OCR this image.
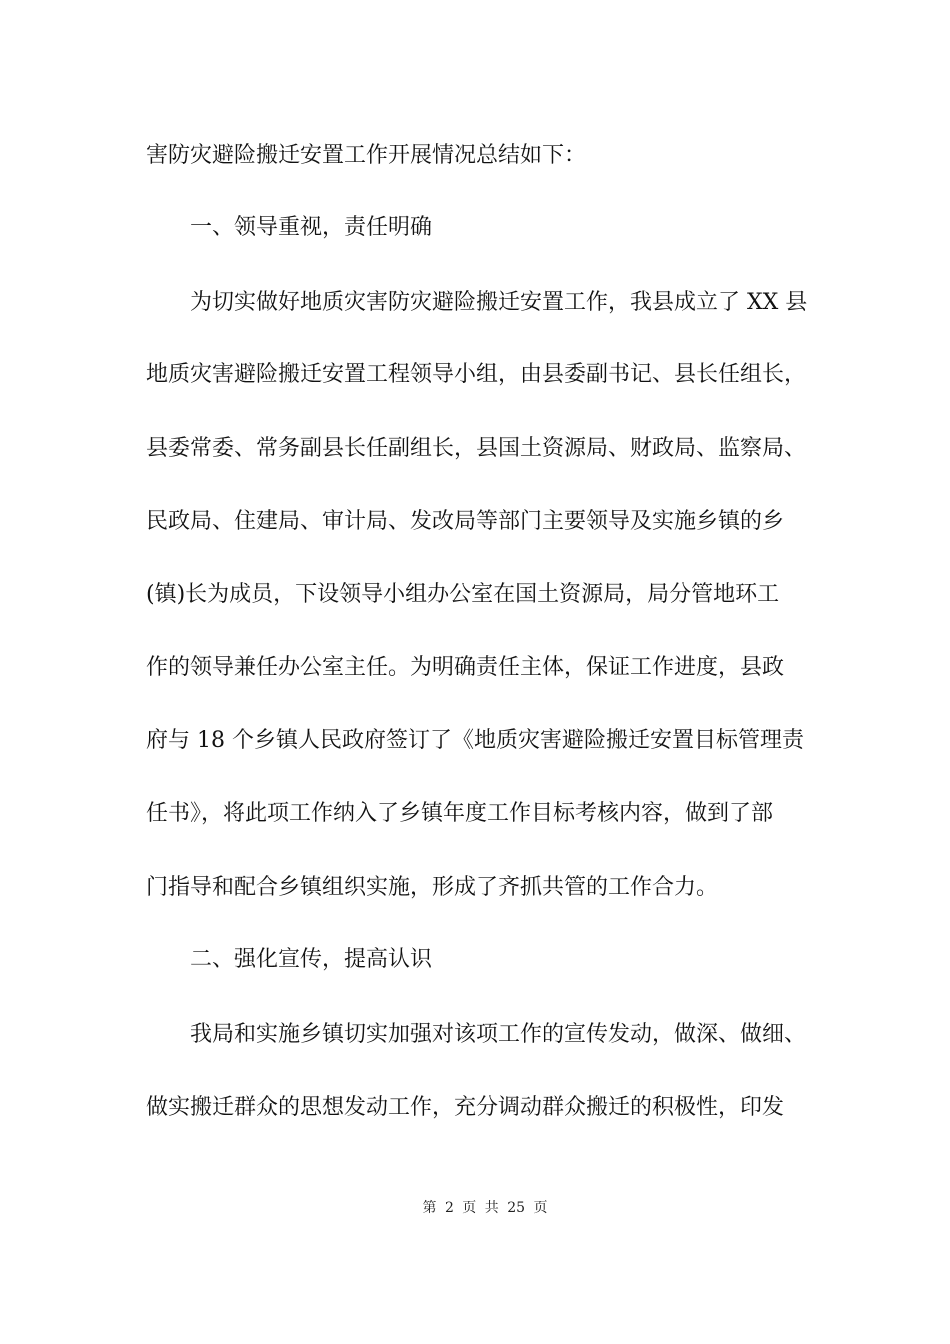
害防灾避险搬迁安置工作开展情况总结如下：
一、领导重视，责任明确
为切实做好地质灾害防灾避险搬迁安置工作，我县成立了 XX 县
地质灾害避险搬迁安置工程领导小组，由县委副书记、县长任组长，
县委常委、常务副县长任副组长，县国土资源局、财政局、监察局、
民政局、住建局、审计局、发改局等部门主要领导及实施乡镇的乡
(镇)长为成员，下设领导小组办公室在国土资源局，局分管地环工
作的领导兼任办公室主任。为明确责任主体，保证工作进度，县政
府与 18 个乡镇人民政府签订了《地质灾害避险搬迁安置目标管理责
任书》，将此项工作纳入了乡镇年度工作目标考核内容，做到了部
门指导和配合乡镇组织实施，形成了齐抓共管的工作合力。
二、强化宣传，提高认识
我局和实施乡镇切实加强对该项工作的宣传发动，做深、做细、
做实搬迁群众的思想发动工作，充分调动群众搬迁的积极性，印发
第 2 页 共 25 页
